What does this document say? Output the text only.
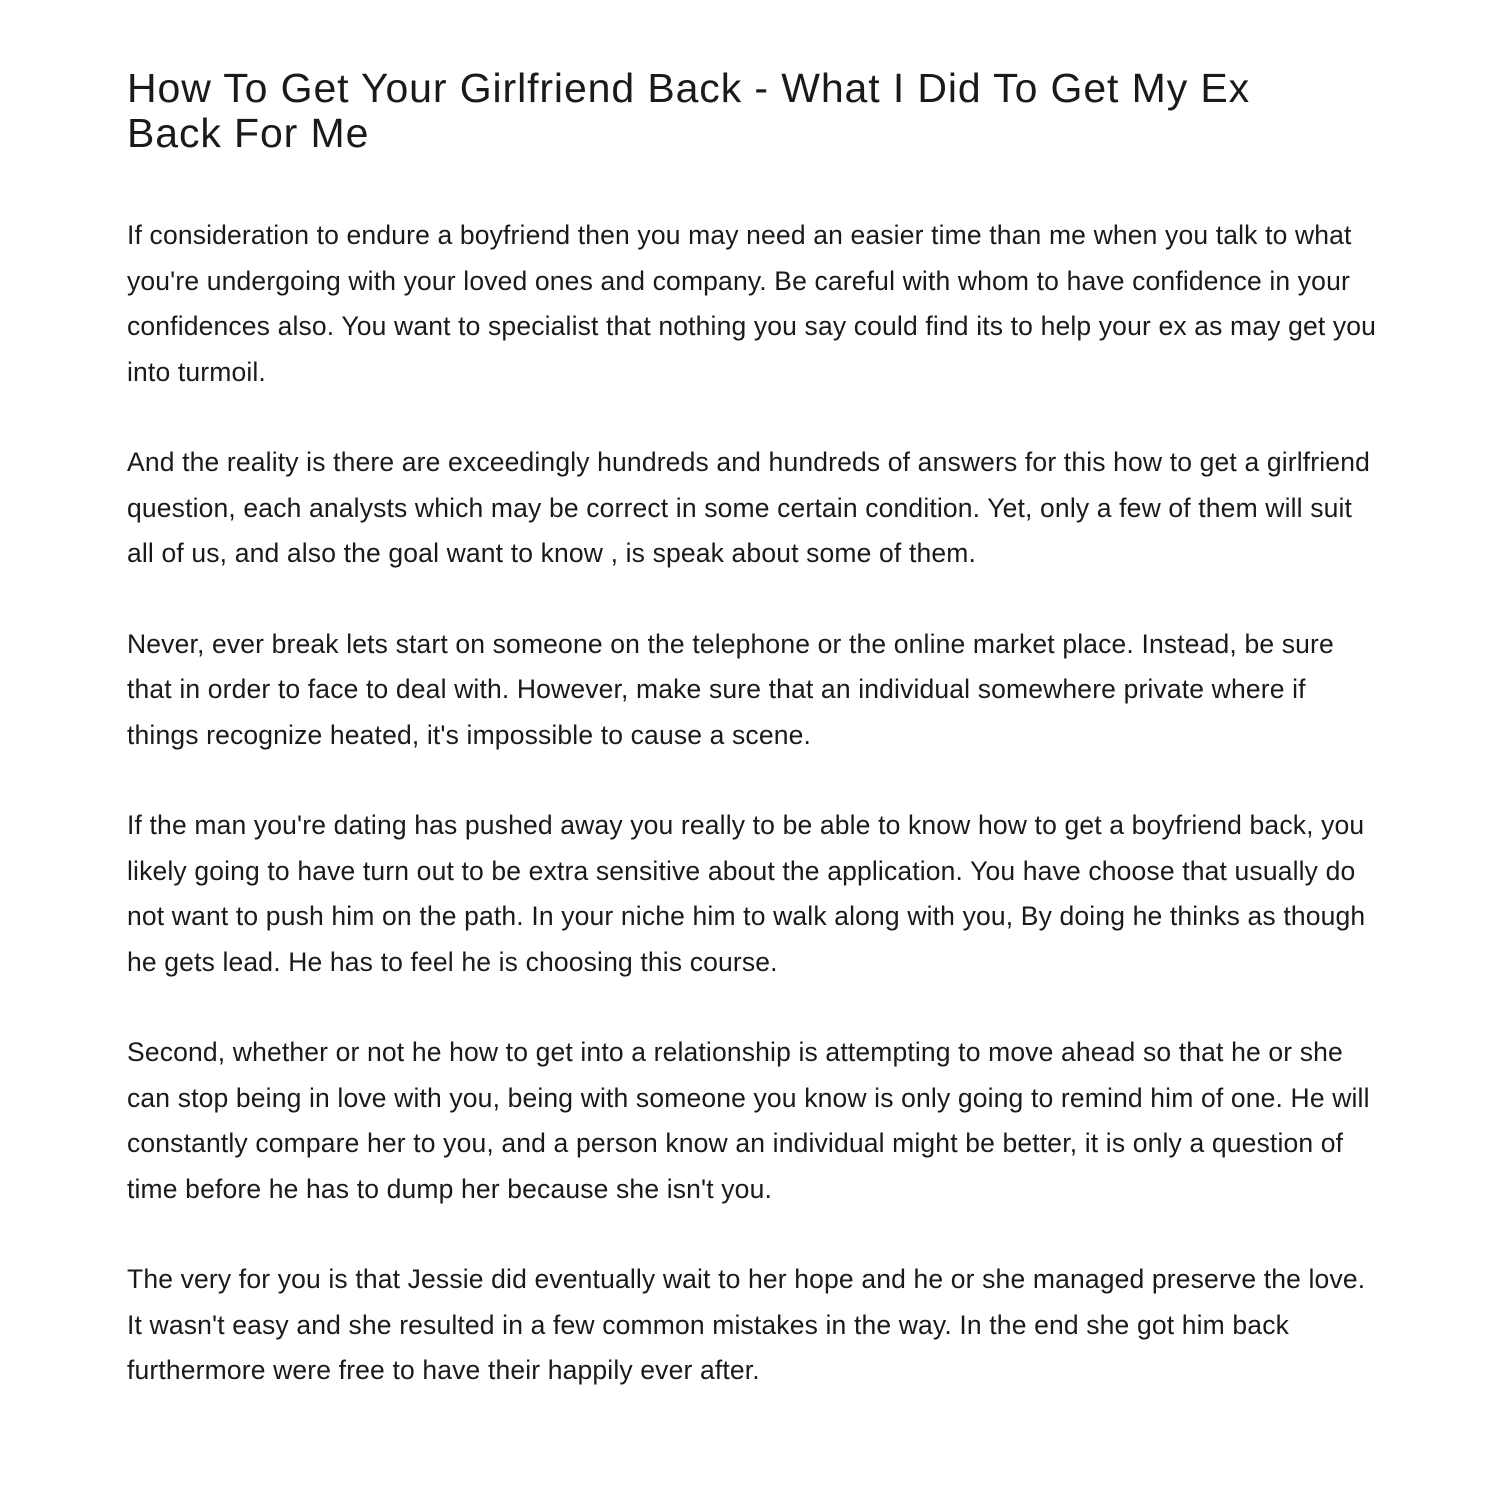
How To Get Your Girlfriend Back - What I Did To Get My Ex Back For Me

If consideration to endure a boyfriend then you may need an easier time than me when you talk to what you're undergoing with your loved ones and company. Be careful with whom to have confidence in your confidences also. You want to specialist that nothing you say could find its to help your ex as may get you into turmoil.

And the reality is there are exceedingly hundreds and hundreds of answers for this how to get a girlfriend question, each analysts which may be correct in some certain condition. Yet, only a few of them will suit all of us, and also the goal want to know , is speak about some of them.

Never, ever break lets start on someone on the telephone or the online market place. Instead, be sure that in order to face to deal with. However, make sure that an individual somewhere private where if things recognize heated, it's impossible to cause a scene.

If the man you're dating has pushed away you really to be able to know how to get a boyfriend back, you likely going to have turn out to be extra sensitive about the application. You have choose that usually do not want to push him on the path. In your niche him to walk along with you, By doing he thinks as though he gets lead. He has to feel he is choosing this course.

Second, whether or not he how to get into a relationship is attempting to move ahead so that he or she can stop being in love with you, being with someone you know is only going to remind him of one. He will constantly compare her to you, and a person know an individual might be better, it is only a question of time before he has to dump her because she isn't you.

The very for you is that Jessie did eventually wait to her hope and he or she managed preserve the love. It wasn't easy and she resulted in a few common mistakes in the way. In the end she got him back furthermore were free to have their happily ever after.
